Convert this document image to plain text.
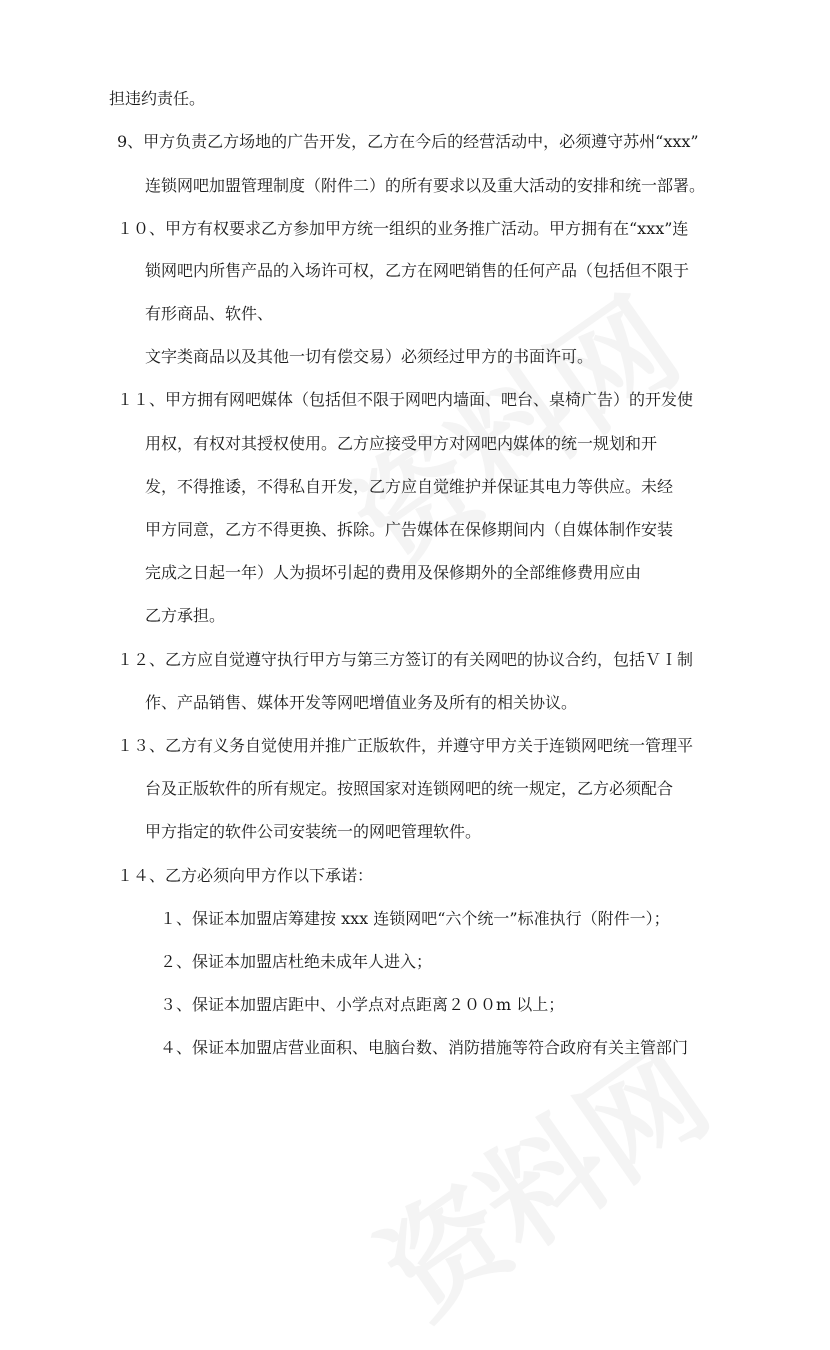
担违约责任。
9、甲方负责乙方场地的广告开发，乙方在今后的经营活动中，必须遵守苏州“xxx”
连锁网吧加盟管理制度（附件二）的所有要求以及重大活动的安排和统一部署。
１０、甲方有权要求乙方参加甲方统一组织的业务推广活动。甲方拥有在“xxx”连
锁网吧内所售产品的入场许可权，乙方在网吧销售的任何产品（包括但不限于
有形商品、软件、
文字类商品以及其他一切有偿交易）必须经过甲方的书面许可。
１１、甲方拥有网吧媒体（包括但不限于网吧内墙面、吧台、桌椅广告）的开发使
用权，有权对其授权使用。乙方应接受甲方对网吧内媒体的统一规划和开
发，不得推诿，不得私自开发，乙方应自觉维护并保证其电力等供应。未经
甲方同意，乙方不得更换、拆除。广告媒体在保修期间内（自媒体制作安装
完成之日起一年）人为损坏引起的费用及保修期外的全部维修费用应由
乙方承担。
１２、乙方应自觉遵守执行甲方与第三方签订的有关网吧的协议合约，包括ＶＩ制
作、产品销售、媒体开发等网吧增值业务及所有的相关协议。
１３、乙方有义务自觉使用并推广正版软件，并遵守甲方关于连锁网吧统一管理平
台及正版软件的所有规定。按照国家对连锁网吧的统一规定，乙方必须配合
甲方指定的软件公司安装统一的网吧管理软件。
１４、乙方必须向甲方作以下承诺：
１、保证本加盟店筹建按 xxx 连锁网吧“六个统一”标准执行（附件一）；
２、保证本加盟店杜绝未成年人进入；
３、保证本加盟店距中、小学点对点距离２００m 以上；
４、保证本加盟店营业面积、电脑台数、消防措施等符合政府有关主管部门
